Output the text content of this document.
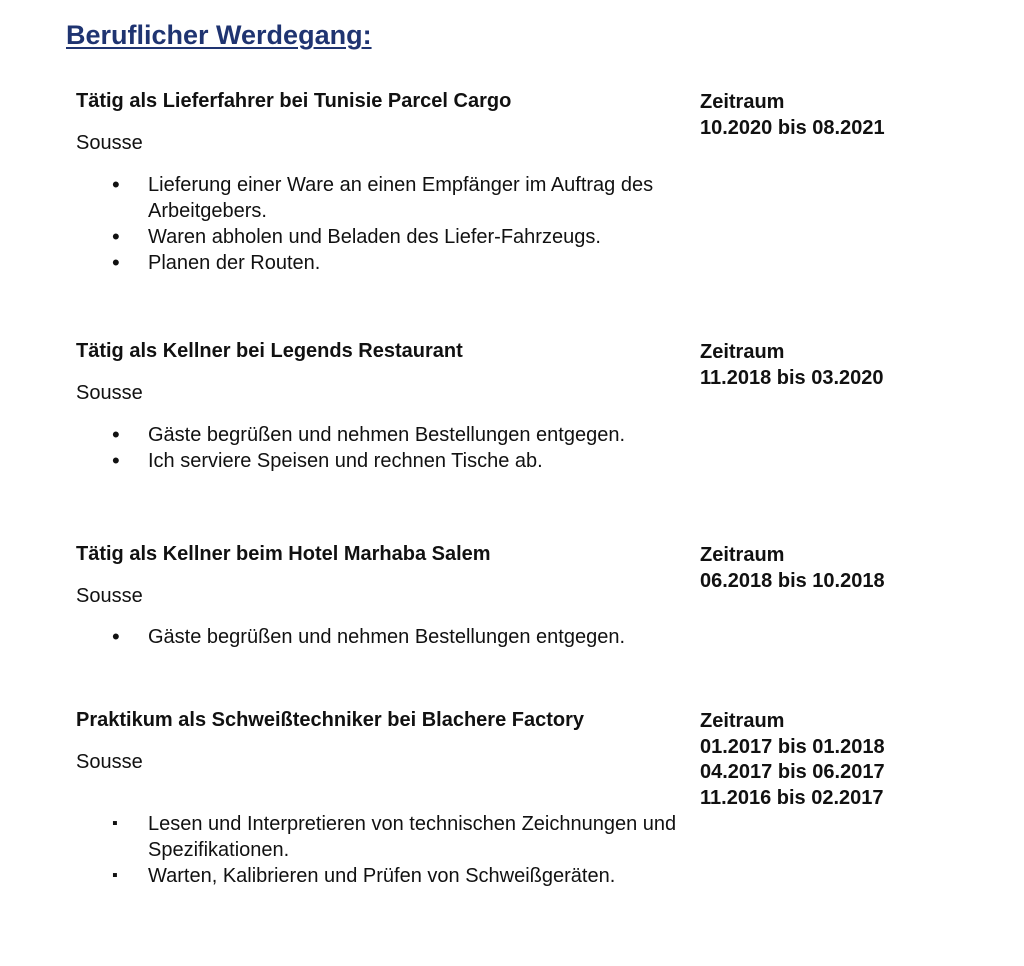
Beruflicher Werdegang:
Tätig als Lieferfahrer bei Tunisie Parcel Cargo
Sousse
Zeitraum
10.2020 bis 08.2021
• Lieferung einer Ware an einen Empfänger im Auftrag des Arbeitgebers.
• Waren abholen und Beladen des Liefer-Fahrzeugs.
• Planen der Routen.
Tätig als Kellner bei Legends Restaurant
Sousse
Zeitraum
11.2018 bis 03.2020
• Gäste begrüßen und nehmen Bestellungen entgegen.
• Ich serviere Speisen und rechnen Tische ab.
Tätig als Kellner beim Hotel Marhaba Salem
Sousse
Zeitraum
06.2018 bis 10.2018
• Gäste begrüßen und nehmen Bestellungen entgegen.
Praktikum als Schweißtechniker bei Blachere Factory
Sousse
Zeitraum
01.2017 bis 01.2018
04.2017 bis 06.2017
11.2016 bis 02.2017
▪ Lesen und Interpretieren von technischen Zeichnungen und Spezifikationen.
▪ Warten, Kalibrieren und Prüfen von Schweißgeräten.
